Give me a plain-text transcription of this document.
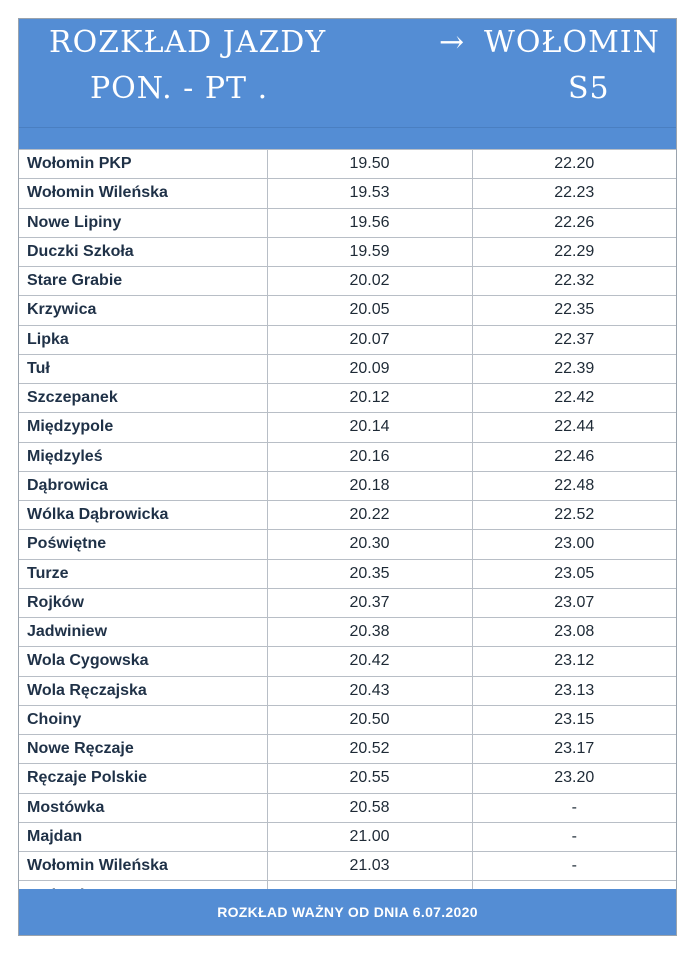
ROZKŁAD JAZDY
PON. - PT .
→ WOŁOMIN
S5
Wołomin PKP	19.50	22.20
Wołomin Wileńska	19.53	22.23
Nowe Lipiny	19.56	22.26
Duczki Szkoła	19.59	22.29
Stare Grabie	20.02	22.32
Krzywica	20.05	22.35
Lipka	20.07	22.37
Tuł	20.09	22.39
Szczepanek	20.12	22.42
Międzypole	20.14	22.44
Międzyleś	20.16	22.46
Dąbrowica	20.18	22.48
Wólka Dąbrowicka	20.22	22.52
Poświętne	20.30	23.00
Turze	20.35	23.05
Rojków	20.37	23.07
Jadwiniew	20.38	23.08
Wola Cygowska	20.42	23.12
Wola Ręczajska	20.43	23.13
Choiny	20.50	23.15
Nowe Ręczaje	20.52	23.17
Ręczaje Polskie	20.55	23.20
Mostówka	20.58	-
Majdan	21.00	-
Wołomin Wileńska	21.03	-

ROZKŁAD WAŻNY OD DNIA 6.07.2020
